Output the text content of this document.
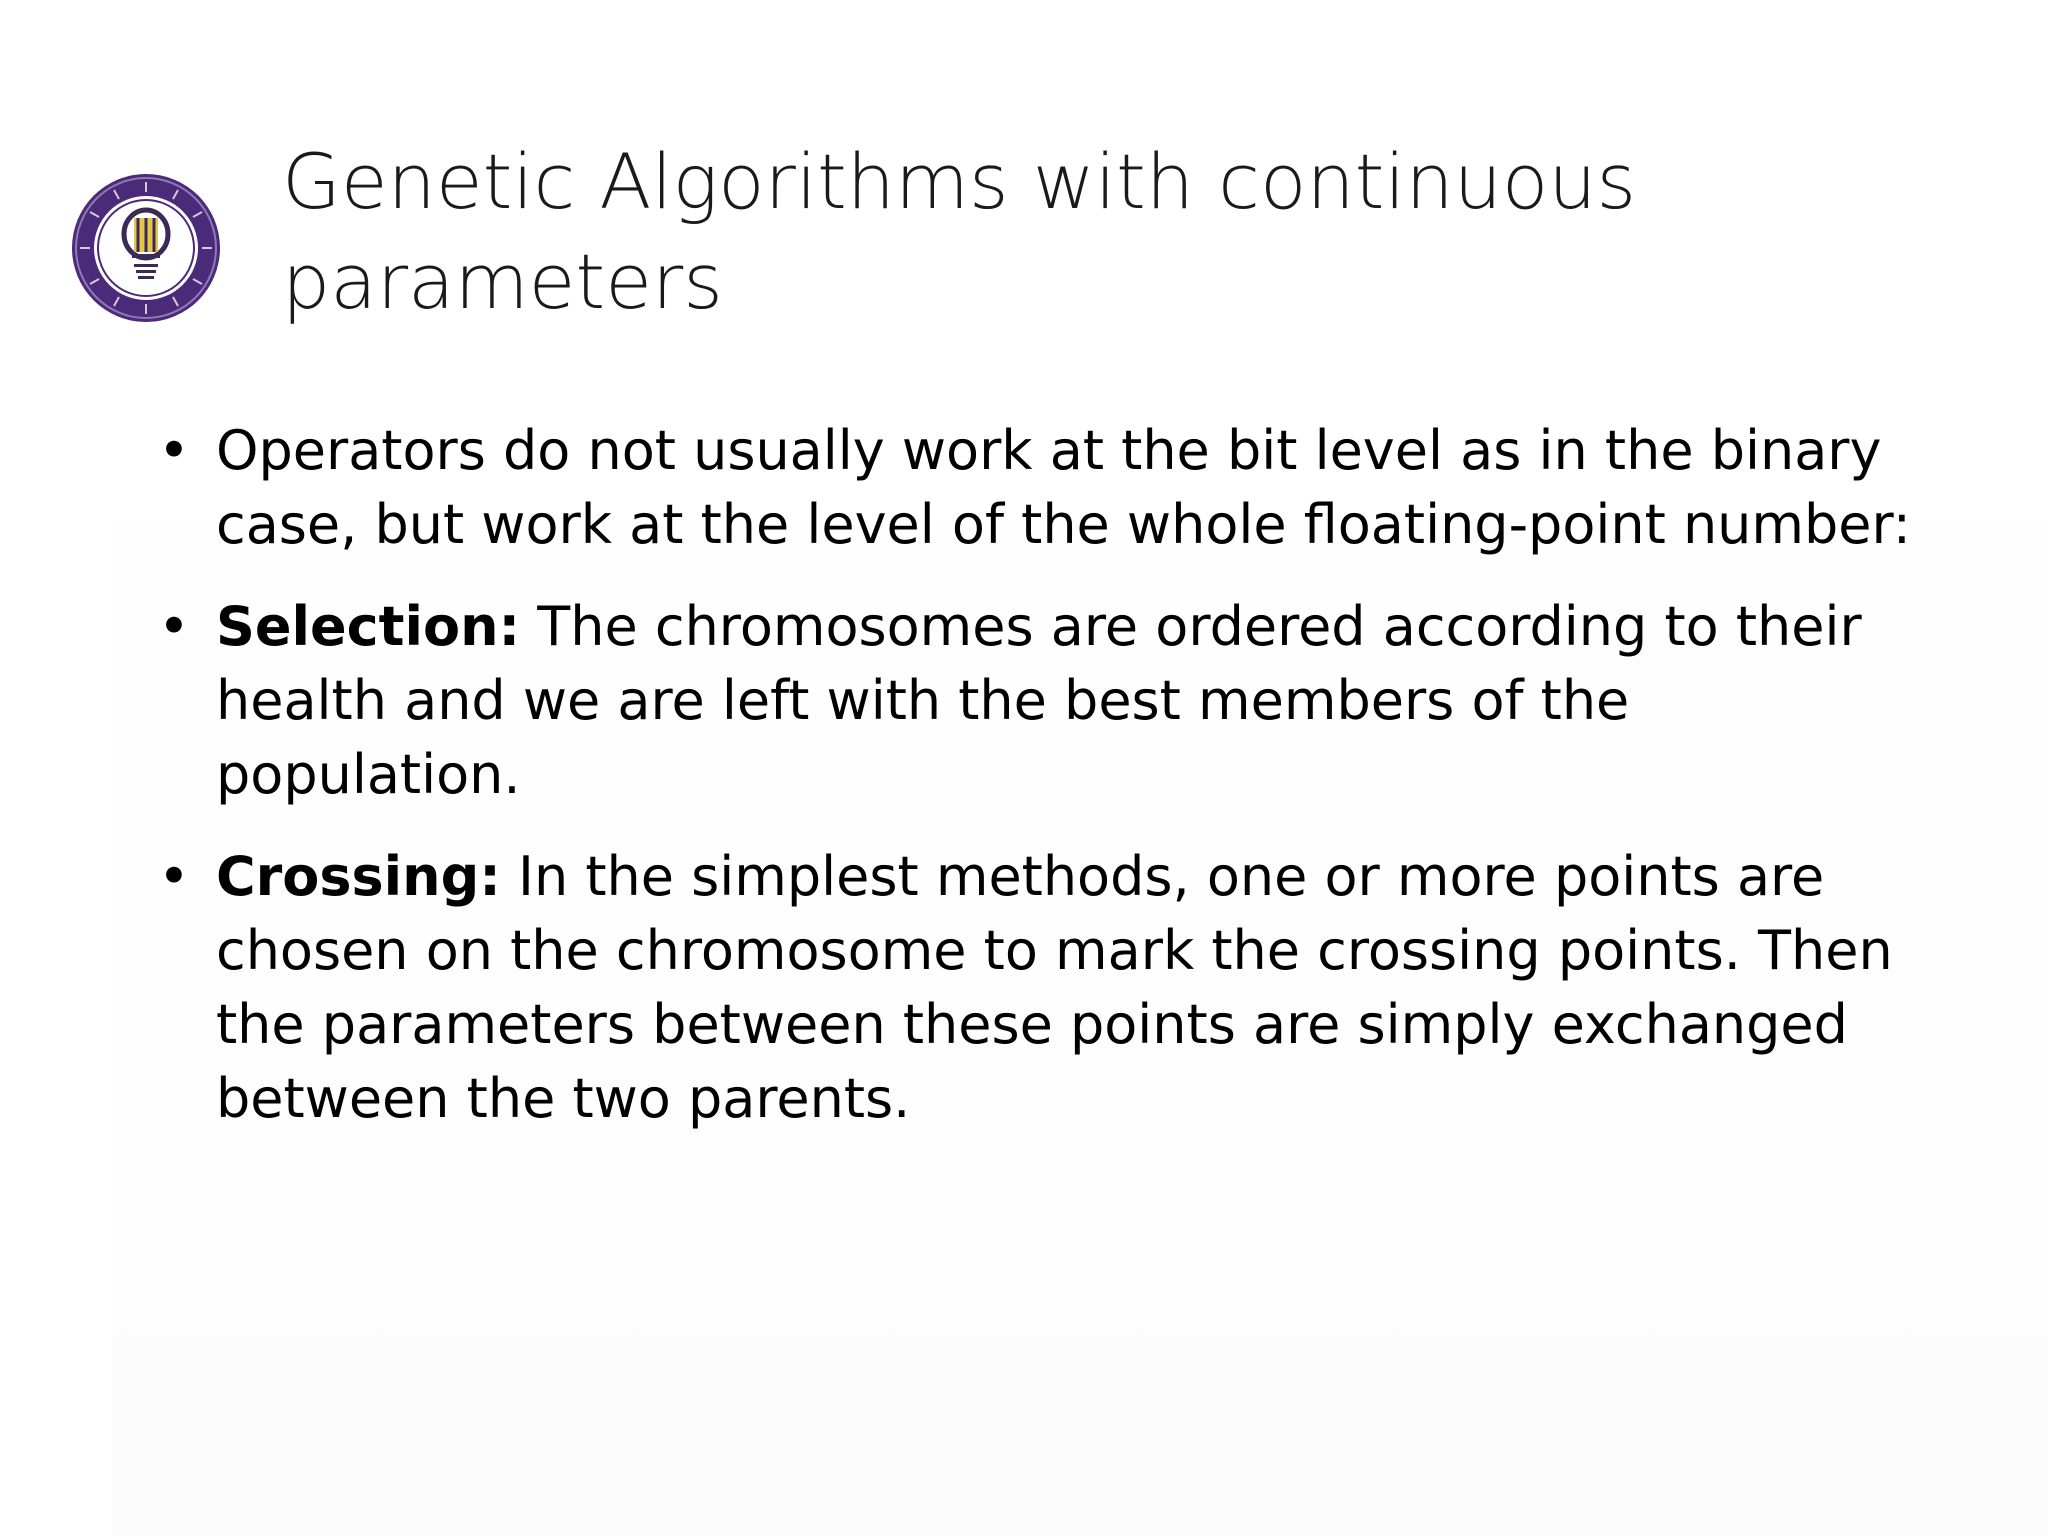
Genetic Algorithms with continuous parameters
• Operators do not usually work at the bit level as in the binary case, but work at the level of the whole floating-point number:
• Selection: The chromosomes are ordered according to their health and we are left with the best members of the population.
• Crossing: In the simplest methods, one or more points are chosen on the chromosome to mark the crossing points. Then the parameters between these points are simply exchanged between the two parents.
